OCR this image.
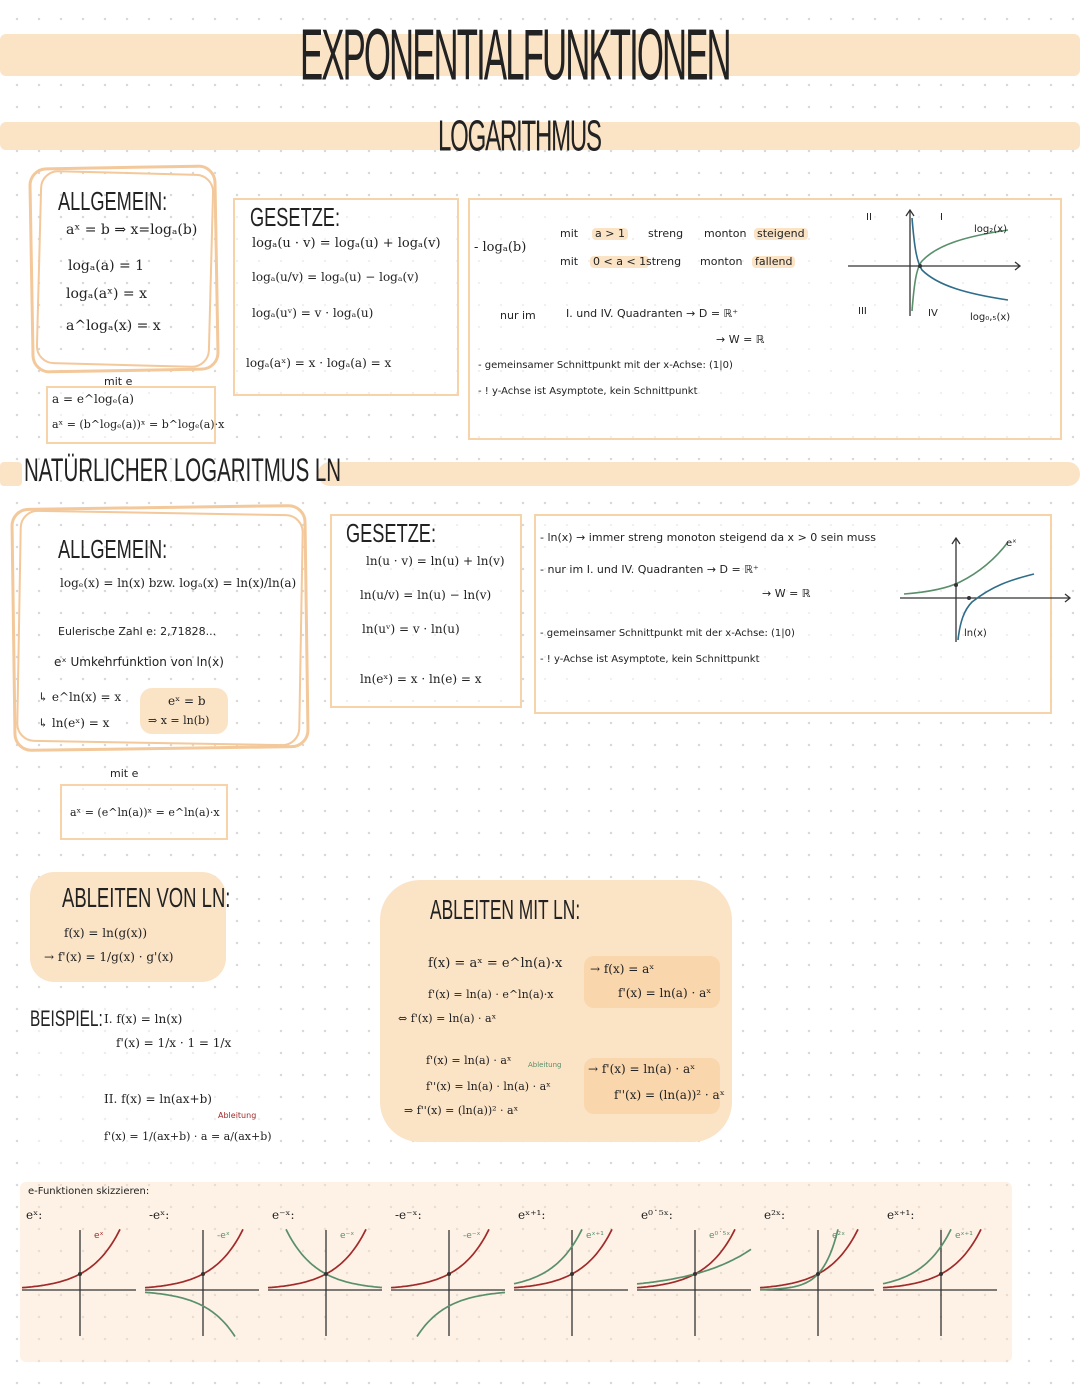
EXPONENTIALFUNKTIONEN
LOGARITHMUS
ALLGEMEIN:
aˣ = b ⇒ x=logₐ(b)
logₐ(a) = 1
logₐ(aˣ) = x
a^logₐ(x) = x
mit e
a = e^logₑ(a)
aˣ = (b^logₑ(a))ˣ = b^logₑ(a)·x
GESETZE:
logₐ(u · v) = logₐ(u) + logₐ(v)
logₐ(u/v) = logₐ(u) − logₐ(v)
logₐ(uᵛ) = v · logₐ(u)
logₐ(aˣ) = x · logₐ(a) = x
- logₐ(b)
mit a > 1 streng monton steigend
mit 0 < a < 1 streng monton fallend
nur im	I. und IV. Quadranten → D = ℝ⁺
→ W = ℝ
- gemeinsamer Schnittpunkt mit der x-Achse: (1|0)
- ! y-Achse ist Asymptote, kein Schnittpunkt
II	I
III	IV
log₂(x)
log₀,₅(x)
NATÜRLICHER LOGARITMUS LN
ALLGEMEIN:
logₑ(x) = ln(x) bzw. logₐ(x) = ln(x)/ln(a)
Eulerische Zahl e: 2,71828...
eˣ Umkehrfunktion von ln(x)
↳ e^ln(x) = x
↳ ln(eˣ) = x
eˣ = b
⇒ x = ln(b)
mit e
aˣ = (e^ln(a))ˣ = e^ln(a)·x
GESETZE:
ln(u · v) = ln(u) + ln(v)
ln(u/v) = ln(u) − ln(v)
ln(uᵛ) = v · ln(u)
ln(eˣ) = x · ln(e) = x
- ln(x) → immer streng monoton steigend da x > 0 sein muss
- nur im I. und IV. Quadranten → D = ℝ⁺
→ W = ℝ
- gemeinsamer Schnittpunkt mit der x-Achse: (1|0)
- ! y-Achse ist Asymptote, kein Schnittpunkt
eˣ
ln(x)
ABLEITEN VON LN:
f(x) = ln(g(x))
→ f'(x) = 1/g(x) · g'(x)
BEISPIEL: I. f(x) = ln(x)
f'(x) = 1/x · 1 = 1/x
II. f(x) = ln(ax+b)
Ableitung
f'(x) = 1/(ax+b) · a = a/(ax+b)
ABLEITEN MIT LN:
f(x) = aˣ = e^ln(a)·x
f'(x) = ln(a) · e^ln(a)·x
⇔ f'(x) = ln(a) · aˣ
→ f(x) = aˣ
f'(x) = ln(a) · aˣ
f'(x) = ln(a) · aˣ Ableitung
f''(x) = ln(a) · ln(a) · aˣ
⇒ f''(x) = (ln(a))² · aˣ
→ f'(x) = ln(a) · aˣ
f''(x) = (ln(a))² · aˣ
e-Funktionen skizzieren:
eˣ:
eˣ
-eˣ:
-eˣ
e⁻ˣ:
e⁻ˣ
-e⁻ˣ:
-e⁻ˣ
eˣ⁺¹:
eˣ⁺¹
e⁰˙⁵ˣ:
e⁰˙⁵ˣ
e²ˣ:
e²ˣ
eˣ⁺¹:
eˣ⁺¹
